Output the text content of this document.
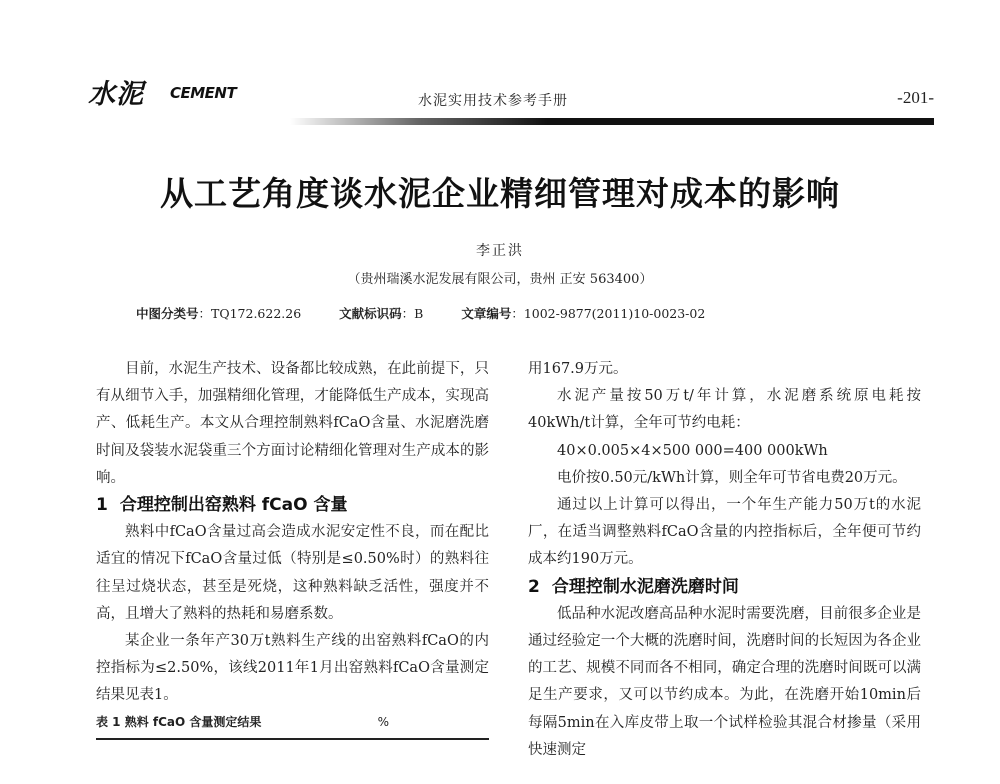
水泥 CEMENT	水泥实用技术参考手册	-201-
从工艺角度谈水泥企业精细管理对成本的影响
李正洪
（贵州瑞溪水泥发展有限公司，贵州 正安 563400）
中图分类号：TQ172.622.26	文献标识码：B	文章编号：1002-9877(2011)10-0023-02

目前，水泥生产技术、设备都比较成熟，在此前提下，只有从细节入手，加强精细化管理，才能降低生产成本，实现高产、低耗生产。本文从合理控制熟料fCaO含量、水泥磨洗磨时间及袋装水泥袋重三个方面讨论精细化管理对生产成本的影响。

1 合理控制出窑熟料 fCaO 含量

熟料中fCaO含量过高会造成水泥安定性不良，而在配比适宜的情况下fCaO含量过低（特别是≤0.50%时）的熟料往往呈过烧状态，甚至是死烧，这种熟料缺乏活性，强度并不高，且增大了熟料的热耗和易磨系数。

某企业一条年产30万t熟料生产线的出窑熟料fCaO的内控指标为≤2.50%，该线2011年1月出窑熟料fCaO含量测定结果见表1。

表 1 熟料 fCaO 含量测定结果	%

用167.9万元。

水泥产量按50万t/年计算，水泥磨系统原电耗按40kWh/t计算，全年可节约电耗：

40×0.005×4×500 000=400 000kWh

电价按0.50元/kWh计算，则全年可节省电费20万元。

通过以上计算可以得出，一个年生产能力50万t的水泥厂，在适当调整熟料fCaO含量的内控指标后，全年便可节约成本约190万元。

2 合理控制水泥磨洗磨时间

低品种水泥改磨高品种水泥时需要洗磨，目前很多企业是通过经验定一个大概的洗磨时间，洗磨时间的长短因为各企业的工艺、规模不同而各不相同，确定合理的洗磨时间既可以满足生产要求，又可以节约成本。为此，在洗磨开始10min后每隔5min在入库皮带上取一个试样检验其混合材掺量（采用快速测定
